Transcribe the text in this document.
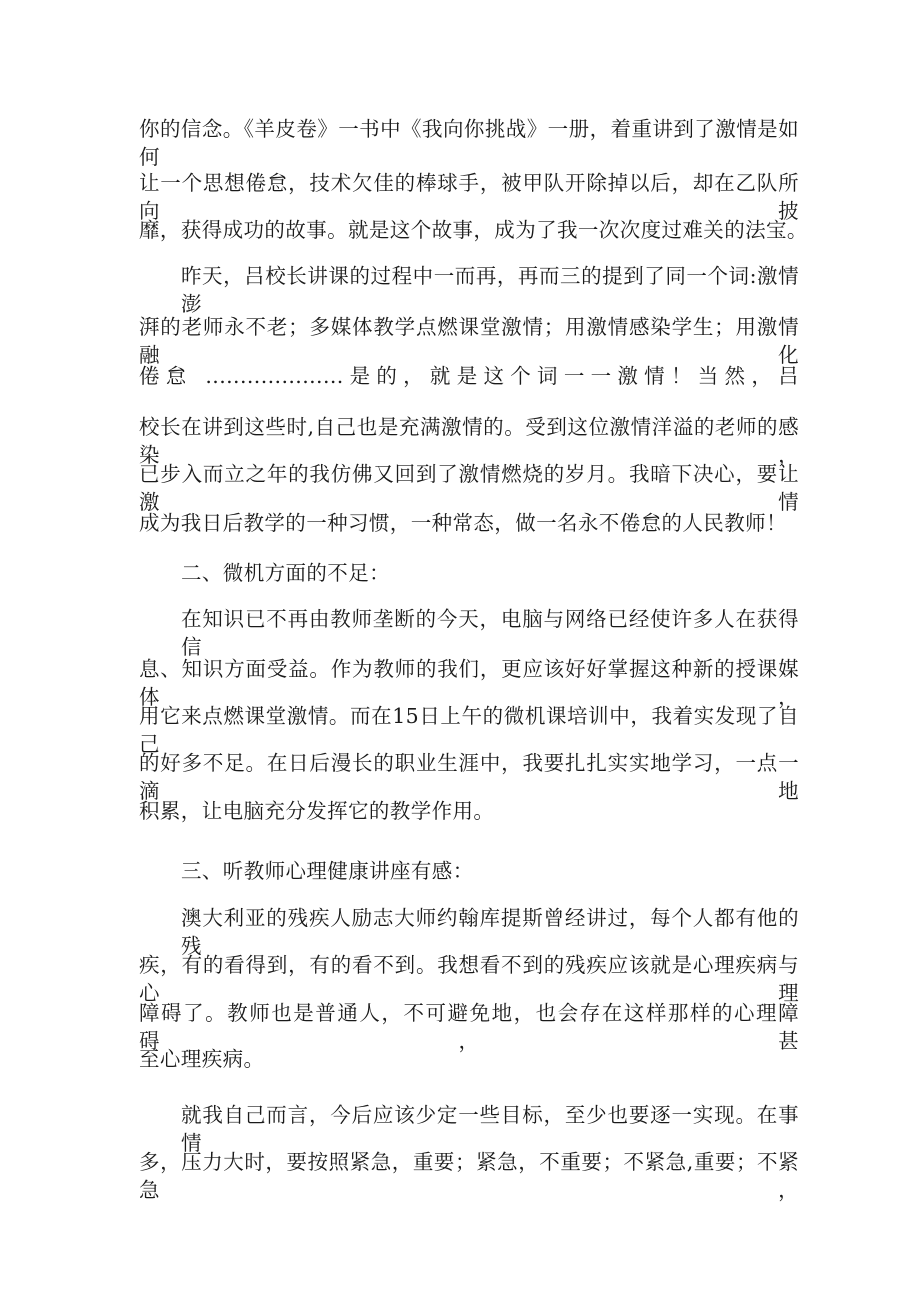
你的信念。《羊皮卷》一书中《我向你挑战》一册，着重讲到了激情是如何
让一个思想倦怠，技术欠佳的棒球手，被甲队开除掉以后，却在乙队所向披
靡，获得成功的故事。就是这个故事，成为了我一次次度过难关的法宝。
昨天，吕校长讲课的过程中一而再，再而三的提到了同一个词:激情澎
湃的老师永不老；多媒体教学点燃课堂激情；用激情感染学生；用激情融化
倦怠 ....................是的，就是这个词一一激情！当然，吕
校长在讲到这些时,自己也是充满激情的。受到这位激情洋溢的老师的感染，
已步入而立之年的我仿佛又回到了激情燃烧的岁月。我暗下决心，要让激情
成为我日后教学的一种习惯，一种常态，做一名永不倦怠的人民教师！
二、微机方面的不足：
在知识已不再由教师垄断的今天，电脑与网络已经使许多人在获得信
息、知识方面受益。作为教师的我们，更应该好好掌握这种新的授课媒体，
用它来点燃课堂激情。而在15日上午的微机课培训中，我着实发现了自己
的好多不足。在日后漫长的职业生涯中，我要扎扎实实地学习，一点一滴地
积累，让电脑充分发挥它的教学作用。
三、听教师心理健康讲座有感：
澳大利亚的残疾人励志大师约翰库提斯曾经讲过，每个人都有他的残
疾，有的看得到，有的看不到。我想看不到的残疾应该就是心理疾病与心理
障碍了。教师也是普通人，不可避免地，也会存在这样那样的心理障碍，甚
至心理疾病。
就我自己而言，今后应该少定一些目标，至少也要逐一实现。在事情
多，压力大时，要按照紧急，重要；紧急，不重要；不紧急,重要；不紧急，
